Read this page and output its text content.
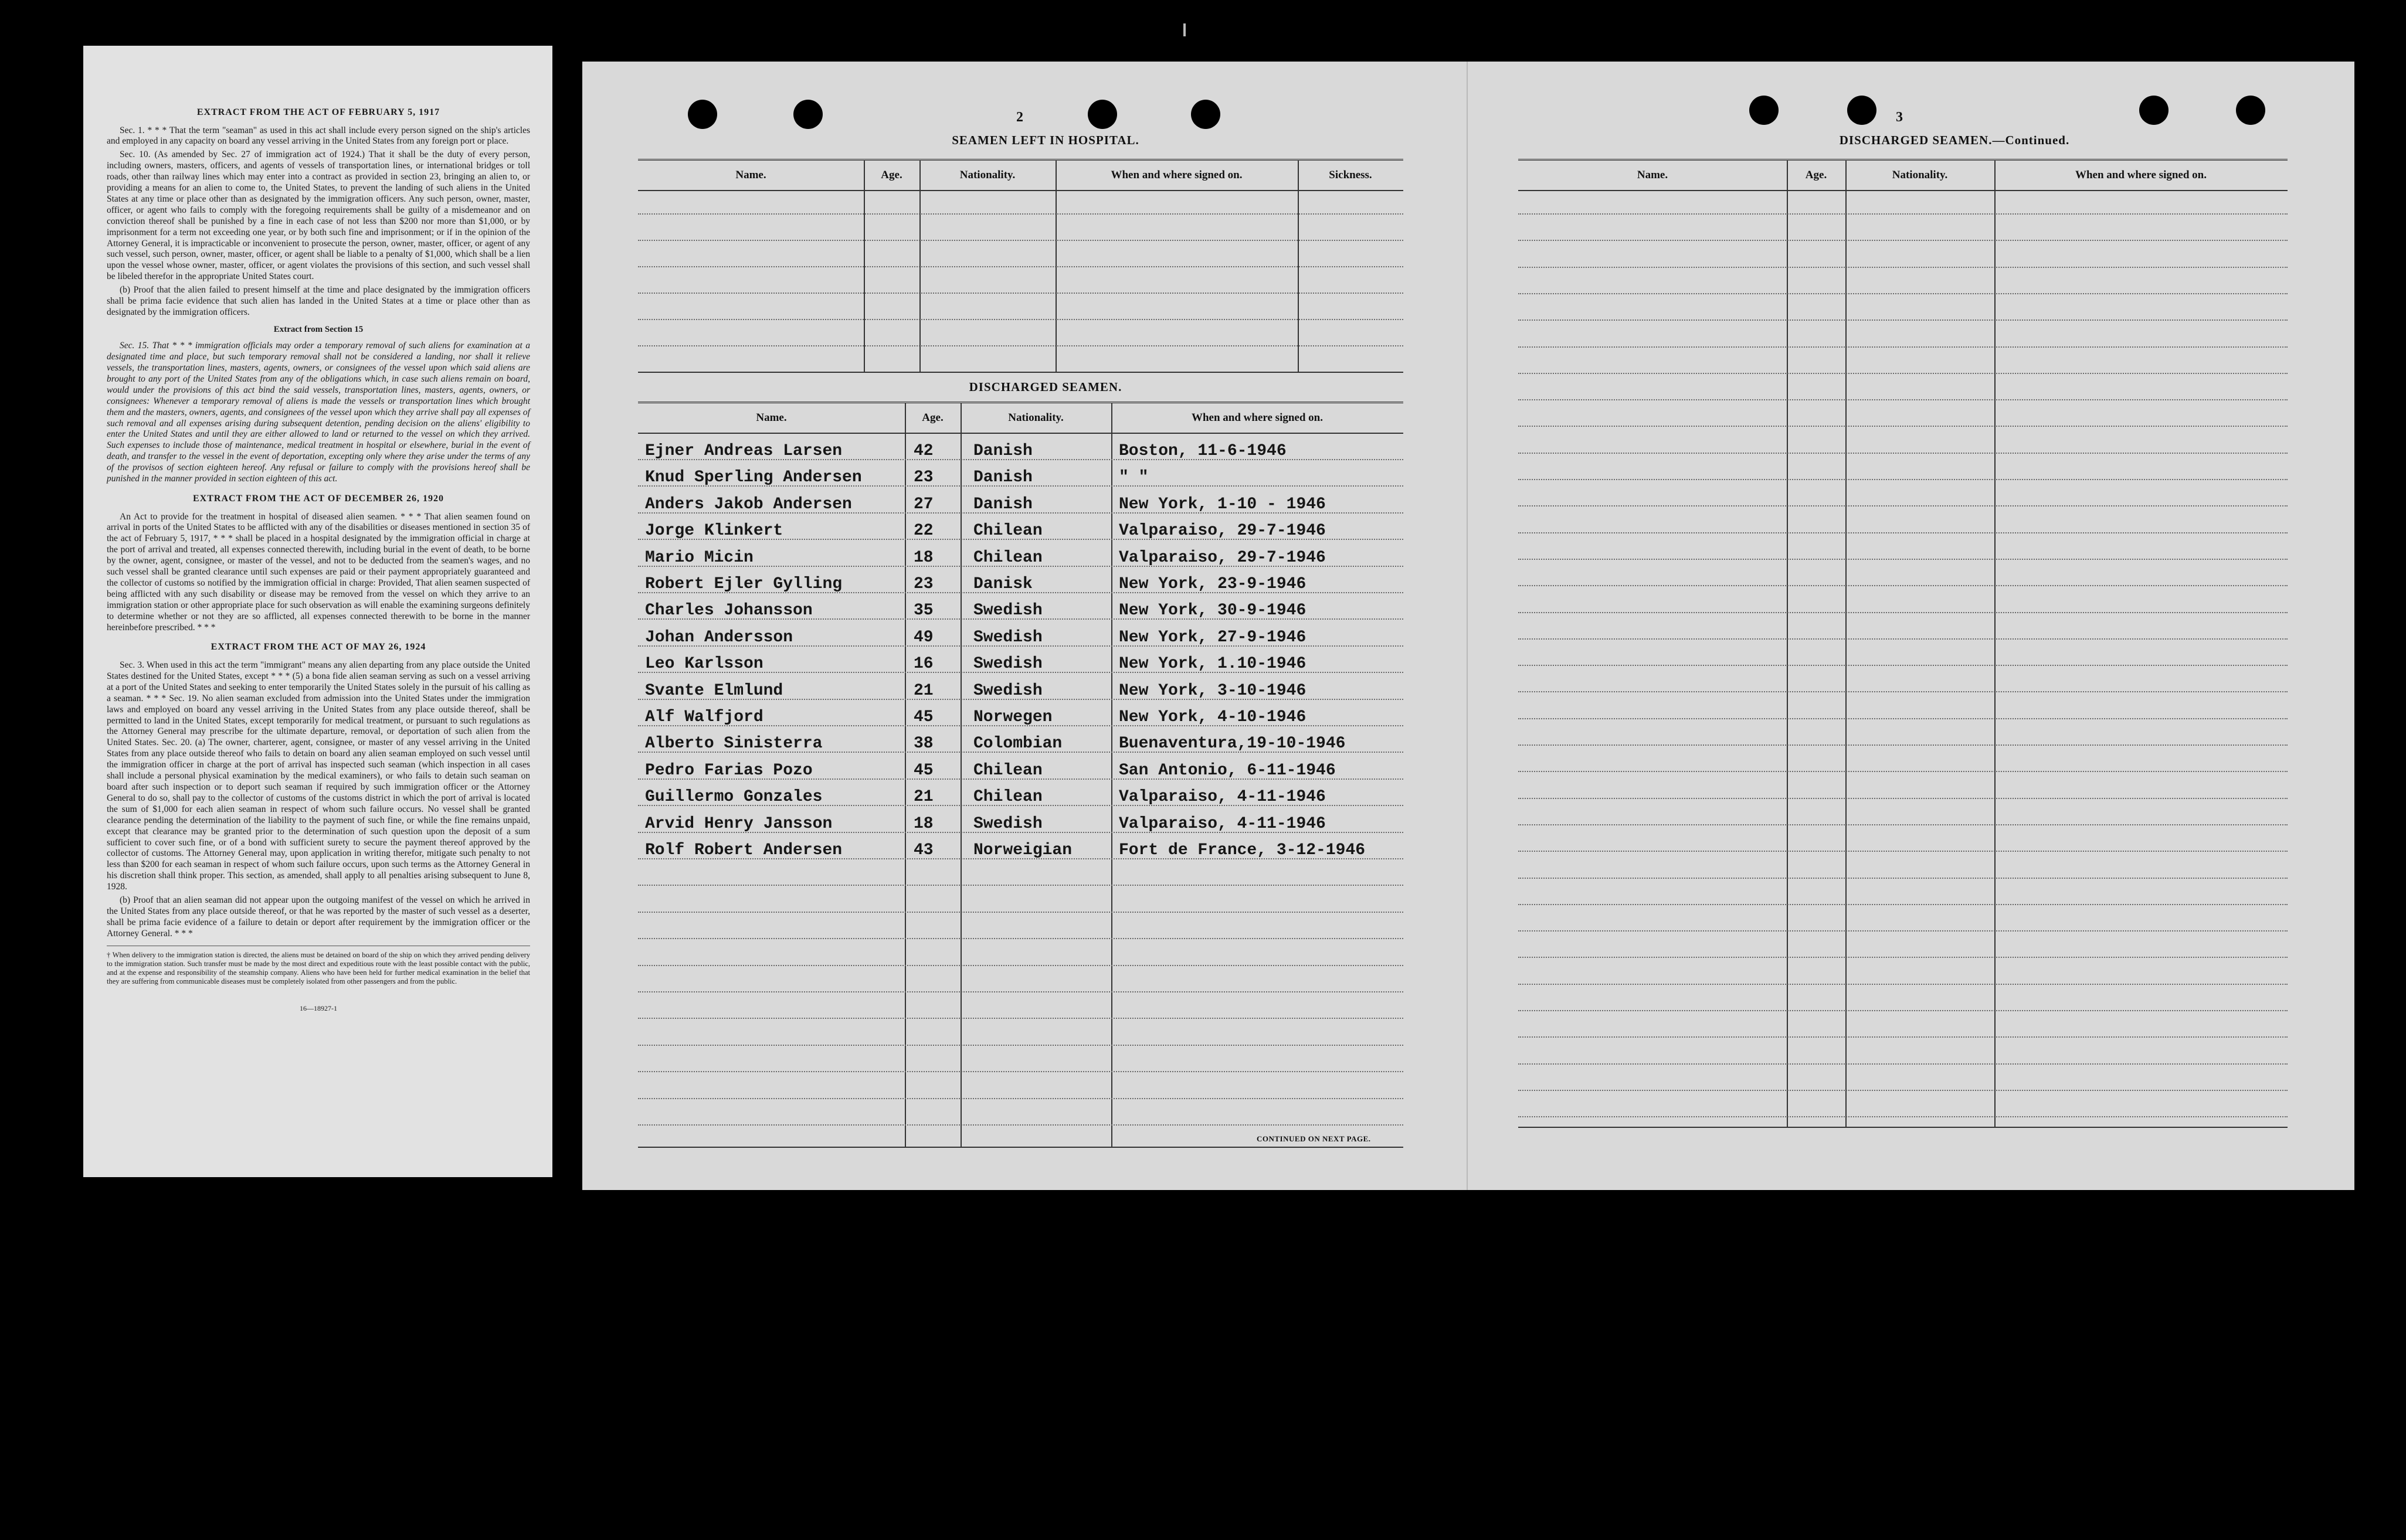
EXTRACT FROM THE ACT OF FEBRUARY 5, 1917

Sec. 1. * * * That the term "seaman" as used in this act shall include every person signed on the ship's articles and employed in any capacity on board any vessel arriving in the United States from any foreign port or place.

Sec. 10. (As amended by Sec. 27 of immigration act of 1924.) That it shall be the duty of every person, including owners, masters, officers, and agents of vessels of transportation lines, or international bridges or toll roads, other than railway lines which may enter into a contract as provided in section 23, bringing an alien to, or providing a means for an alien to come to, the United States, to prevent the landing of such aliens in the United States at any time or place other than as designated by the immigration officers. Any such person, owner, master, officer, or agent who fails to comply with the foregoing requirements shall be guilty of a misdemeanor and on conviction thereof shall be punished by a fine in each case of not less than $200 nor more than $1,000, or by imprisonment for a term not exceeding one year, or by both such fine and imprisonment; or if in the opinion of the Attorney General, it is impracticable or inconvenient to prosecute the person, owner, master, officer, or agent of any such vessel, such person, owner, master, officer, or agent shall be liable to a penalty of $1,000, which shall be a lien upon the vessel whose owner, master, officer, or agent violates the provisions of this section, and such vessel shall be libeled therefor in the appropriate United States court.

(b) Proof that the alien failed to present himself at the time and place designated by the immigration officers shall be prima facie evidence that such alien has landed in the United States at a time or place other than as designated by the immigration officers.

Extract from Section 15

Sec. 15. That * * * immigration officials may order a temporary removal of such aliens for examination at a designated time and place, but such temporary removal shall not be considered a landing, nor shall it relieve vessels, the transportation lines, masters, agents, owners, or consignees of the vessel upon which said aliens are brought to any port of the United States from any of the obligations which, in case such aliens remain on board, would under the provisions of this act bind the said vessels, transportation lines, masters, agents, owners, or consignees: Whenever a temporary removal of aliens is made the vessels or transportation lines which brought them and the masters, owners, agents, and consignees of the vessel upon which they arrive shall pay all expenses of such removal and all expenses arising during subsequent detention, pending decision on the aliens' eligibility to enter the United States and until they are either allowed to land or returned to the vessel on which they arrived. Such expenses to include those of maintenance, medical treatment in hospital or elsewhere, burial in the event of death, and transfer to the vessel in the event of deportation, excepting only where they arise under the terms of any of the provisos of section eighteen hereof. Any refusal or failure to comply with the provisions hereof shall be punished in the manner provided in section eighteen of this act.

EXTRACT FROM THE ACT OF DECEMBER 26, 1920

An Act to provide for the treatment in hospital of diseased alien seamen. * * * That alien seamen found on arrival in ports of the United States to be afflicted with any of the disabilities or diseases mentioned in section 35 of the act of February 5, 1917, * * * shall be placed in a hospital designated by the immigration official in charge at the port of arrival and treated, all expenses connected therewith, including burial in the event of death, to be borne by the owner, agent, consignee, or master of the vessel, and not to be deducted from the seamen's wages, and no such vessel shall be granted clearance until such expenses are paid or their payment appropriately guaranteed and the collector of customs so notified by the immigration official in charge: Provided, That alien seamen suspected of being afflicted with any such disability or disease may be removed from the vessel on which they arrive to an immigration station or other appropriate place for such observation as will enable the examining surgeons definitely to determine whether or not they are so afflicted, all expenses connected therewith to be borne in the manner hereinbefore prescribed. * * *

EXTRACT FROM THE ACT OF MAY 26, 1924

Sec. 3. When used in this act the term "immigrant" means any alien departing from any place outside the United States destined for the United States, except * * * (5) a bona fide alien seaman serving as such on a vessel arriving at a port of the United States and seeking to enter temporarily the United States solely in the pursuit of his calling as a seaman. * * * Sec. 19. No alien seaman excluded from admission into the United States under the immigration laws and employed on board any vessel arriving in the United States from any place outside thereof, shall be permitted to land in the United States, except temporarily for medical treatment, or pursuant to such regulations as the Attorney General may prescribe for the ultimate departure, removal, or deportation of such alien from the United States. Sec. 20. (a) The owner, charterer, agent, consignee, or master of any vessel arriving in the United States from any place outside thereof who fails to detain on board any alien seaman employed on such vessel until the immigration officer in charge at the port of arrival has inspected such seaman (which inspection in all cases shall include a personal physical examination by the medical examiners), or who fails to detain such seaman on board after such inspection or to deport such seaman if required by such immigration officer or the Attorney General to do so, shall pay to the collector of customs of the customs district in which the port of arrival is located the sum of $1,000 for each alien seaman in respect of whom such failure occurs. No vessel shall be granted clearance pending the determination of the liability to the payment of such fine, or while the fine remains unpaid, except that clearance may be granted prior to the determination of such question upon the deposit of a sum sufficient to cover such fine, or of a bond with sufficient surety to secure the payment thereof approved by the collector of customs. The Attorney General may, upon application in writing therefor, mitigate such penalty to not less than $200 for each seaman in respect of whom such failure occurs, upon such terms as the Attorney General in his discretion shall think proper. This section, as amended, shall apply to all penalties arising subsequent to June 8, 1928.

(b) Proof that an alien seaman did not appear upon the outgoing manifest of the vessel on which he arrived in the United States from any place outside thereof, or that he was reported by the master of such vessel as a deserter, shall be prima facie evidence of a failure to detain or deport after requirement by the immigration officer or the Attorney General. * * *

† When delivery to the immigration station is directed, the aliens must be detained on board of the ship on which they arrived pending delivery to the immigration station. Such transfer must be made by the most direct and expeditious route with the least possible contact with the public, and at the expense and responsibility of the steamship company. Aliens who have been held for further medical examination in the belief that they are suffering from communicable diseases must be completely isolated from other passengers and from the public.
16—18927-1
2
SEAMEN LEFT IN HOSPITAL.
Name.	Age.	Nationality.	When and where signed on.	Sickness.
DISCHARGED SEAMEN.
Name.	Age.	Nationality.	When and where signed on.
Ejner Andreas Larsen	42 Danish	Boston, 11-6-1946
Knud Sperling Andersen	23 Danish	" "
Anders Jakob Andersen	27 Danish	New York, 1-10 - 1946
Jorge Klinkert	22 Chilean	Valparaiso, 29-7-1946
Mario Micin	18 Chilean	Valparaiso, 29-7-1946
Robert Ejler Gylling	23 Danisk	New York, 23-9-1946
Charles Johansson	35 Swedish	New York, 30-9-1946
Johan Andersson	49 Swedish	New York, 27-9-1946
Leo Karlsson	16 Swedish	New York, 1.10-1946
Svante Elmlund	21 Swedish	New York, 3-10-1946
Alf Walfjord	45 Norwegen	New York, 4-10-1946
Alberto Sinisterra	38 Colombian	Buenaventura,19-10-1946
Pedro Farias Pozo	45 Chilean	San Antonio, 6-11-1946
Guillermo Gonzales	21 Chilean	Valparaiso, 4-11-1946
Arvid Henry Jansson	18 Swedish	Valparaiso, 4-11-1946
Rolf Robert Andersen	43 Norweigian	Fort de France, 3-12-1946
CONTINUED ON NEXT PAGE.
3
DISCHARGED SEAMEN.—Continued.
Name.	Age.	Nationality.	When and where signed on.
